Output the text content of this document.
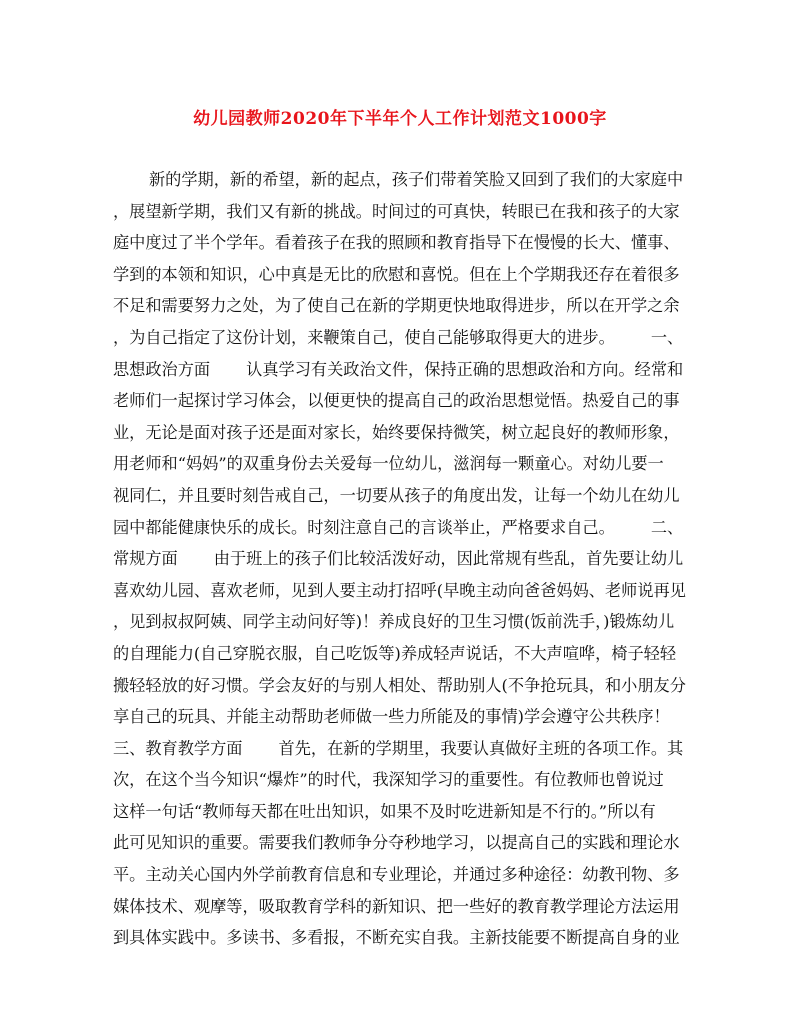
幼儿园教师2020年下半年个人工作计划范文1000字
新的学期，新的希望，新的起点，孩子们带着笑脸又回到了我们的大家庭中
，展望新学期，我们又有新的挑战。时间过的可真快，转眼已在我和孩子的大家
庭中度过了半个学年。看着孩子在我的照顾和教育指导下在慢慢的长大、懂事、
学到的本领和知识，心中真是无比的欣慰和喜悦。但在上个学期我还存在着很多
不足和需要努力之处，为了使自己在新的学期更快地取得进步，所以在开学之余
，为自己指定了这份计划，来鞭策自己，使自己能够取得更大的进步。       一、
思想政治方面       认真学习有关政治文件，保持正确的思想政治和方向。经常和
老师们一起探讨学习体会，以便更快的提高自己的政治思想觉悟。热爱自己的事
业，无论是面对孩子还是面对家长，始终要保持微笑，树立起良好的教师形象，
用老师和“妈妈”的双重身份去关爱每一位幼儿，滋润每一颗童心。对幼儿要一
视同仁，并且要时刻告戒自己，一切要从孩子的角度出发，让每一个幼儿在幼儿
园中都能健康快乐的成长。时刻注意自己的言谈举止，严格要求自己。       二、
常规方面       由于班上的孩子们比较活泼好动，因此常规有些乱，首先要让幼儿
喜欢幼儿园、喜欢老师，见到人要主动打招呼(早晚主动向爸爸妈妈、老师说再见
，见到叔叔阿姨、同学主动问好等)！养成良好的卫生习惯(饭前洗手，)锻炼幼儿
的自理能力(自己穿脱衣服，自己吃饭等)养成轻声说话，不大声喧哗，椅子轻轻
搬轻轻放的好习惯。学会友好的与别人相处、帮助别人(不争抢玩具，和小朋友分
享自己的玩具、并能主动帮助老师做一些力所能及的事情)学会遵守公共秩序！
三、教育教学方面       首先，在新的学期里，我要认真做好主班的各项工作。其
次，在这个当今知识“爆炸”的时代，我深知学习的重要性。有位教师也曾说过
这样一句话“教师每天都在吐出知识，如果不及时吃进新知是不行的。”所以有
此可见知识的重要。需要我们教师争分夺秒地学习，以提高自己的实践和理论水
平。主动关心国内外学前教育信息和专业理论，并通过多种途径：幼教刊物、多
媒体技术、观摩等，吸取教育学科的新知识、把一些好的教育教学理论方法运用
到具体实践中。多读书、多看报，不断充实自我。主新技能要不断提高自身的业
